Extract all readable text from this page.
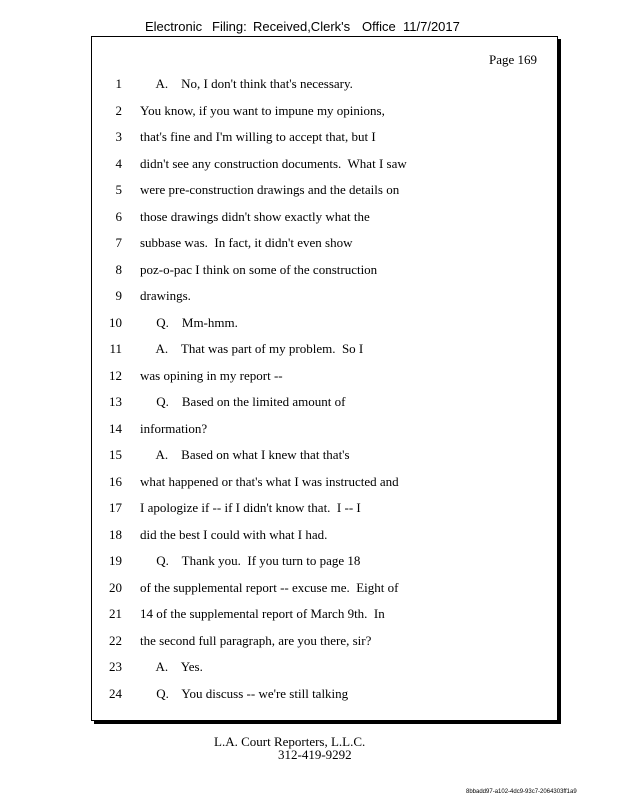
Electronic Filing: Received,Clerk's Office 11/7/2017
Page 169
1 A.    No, I don't think that's necessary.
2 You know, if you want to impune my opinions,
3 that's fine and I'm willing to accept that, but I
4 didn't see any construction documents.  What I saw
5 were pre-construction drawings and the details on
6 those drawings didn't show exactly what the
7 subbase was.  In fact, it didn't even show
8 poz-o-pac I think on some of the construction
9 drawings.
10 Q.    Mm-hmm.
11 A.    That was part of my problem.  So I
12 was opining in my report --
13 Q.    Based on the limited amount of
14 information?
15 A.    Based on what I knew that that's
16 what happened or that's what I was instructed and
17 I apologize if -- if I didn't know that.  I -- I
18 did the best I could with what I had.
19 Q.    Thank you.  If you turn to page 18
20 of the supplemental report -- excuse me.  Eight of
21 14 of the supplemental report of March 9th.  In
22 the second full paragraph, are you there, sir?
23 A.    Yes.
24 Q.    You discuss -- we're still talking
L.A. Court Reporters, L.L.C.
312-419-9292
8bbadd97-a102-4dc9-93c7-2064303ff1a9
